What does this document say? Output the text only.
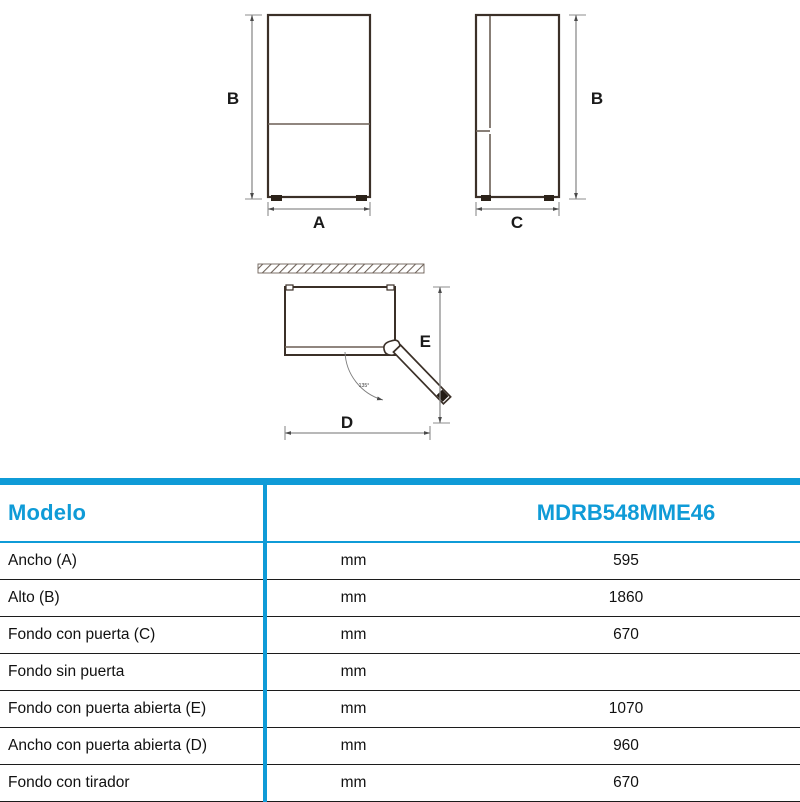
B
A
B
C
135°
E
D

Modelo		MDRB548MME46
Ancho (A)	mm	595
Alto (B)	mm	1860
Fondo con puerta (C)	mm	670
Fondo sin puerta	mm	
Fondo con puerta abierta (E)	mm	1070
Ancho con puerta abierta (D)	mm	960
Fondo con tirador	mm	670
